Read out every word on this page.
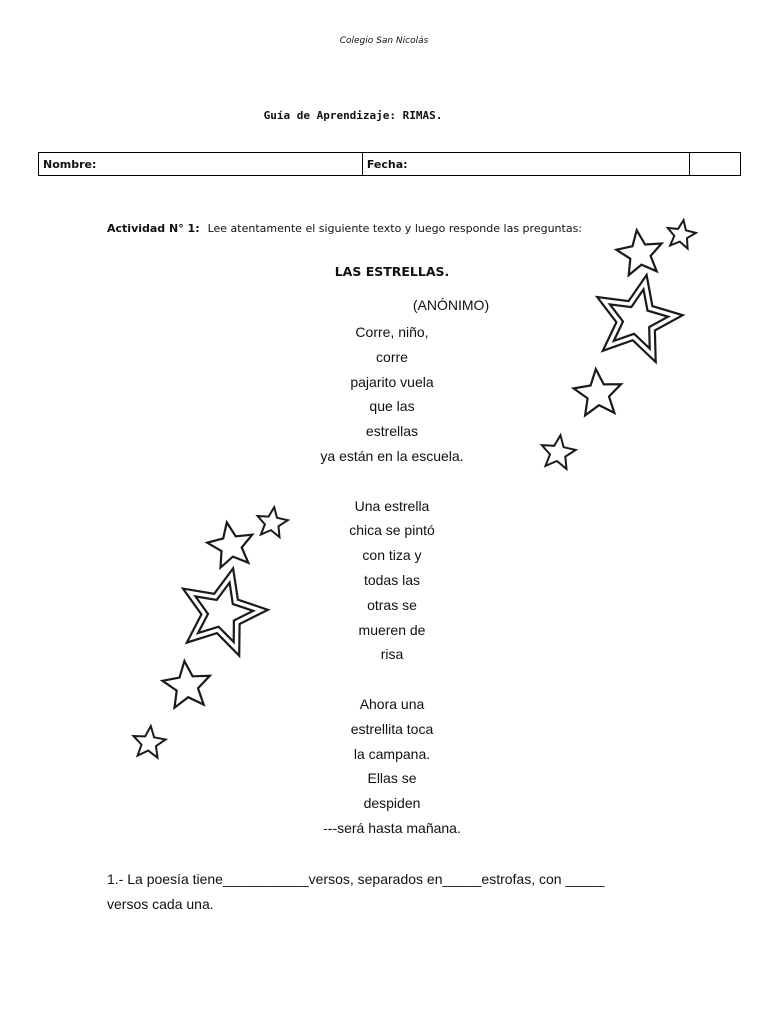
Colegio San Nicolás
Guía de Aprendizaje: RIMAS.
Nombre:	Fecha:	
Actividad N° 1: Lee atentamente el siguiente texto y luego responde las preguntas:
LAS ESTRELLAS.
(ANÓNIMO)
Corre, niño,
corre
pajarito vuela
que las
estrellas
ya están en la escuela.
Una estrella
chica se pintó
con tiza y
todas las
otras se
mueren de
risa
Ahora una
estrellita toca
la campana.
Ellas se
despiden
---será hasta mañana.
1.- La poesía tiene___________versos, separados en_____estrofas, con _____
versos cada una.
